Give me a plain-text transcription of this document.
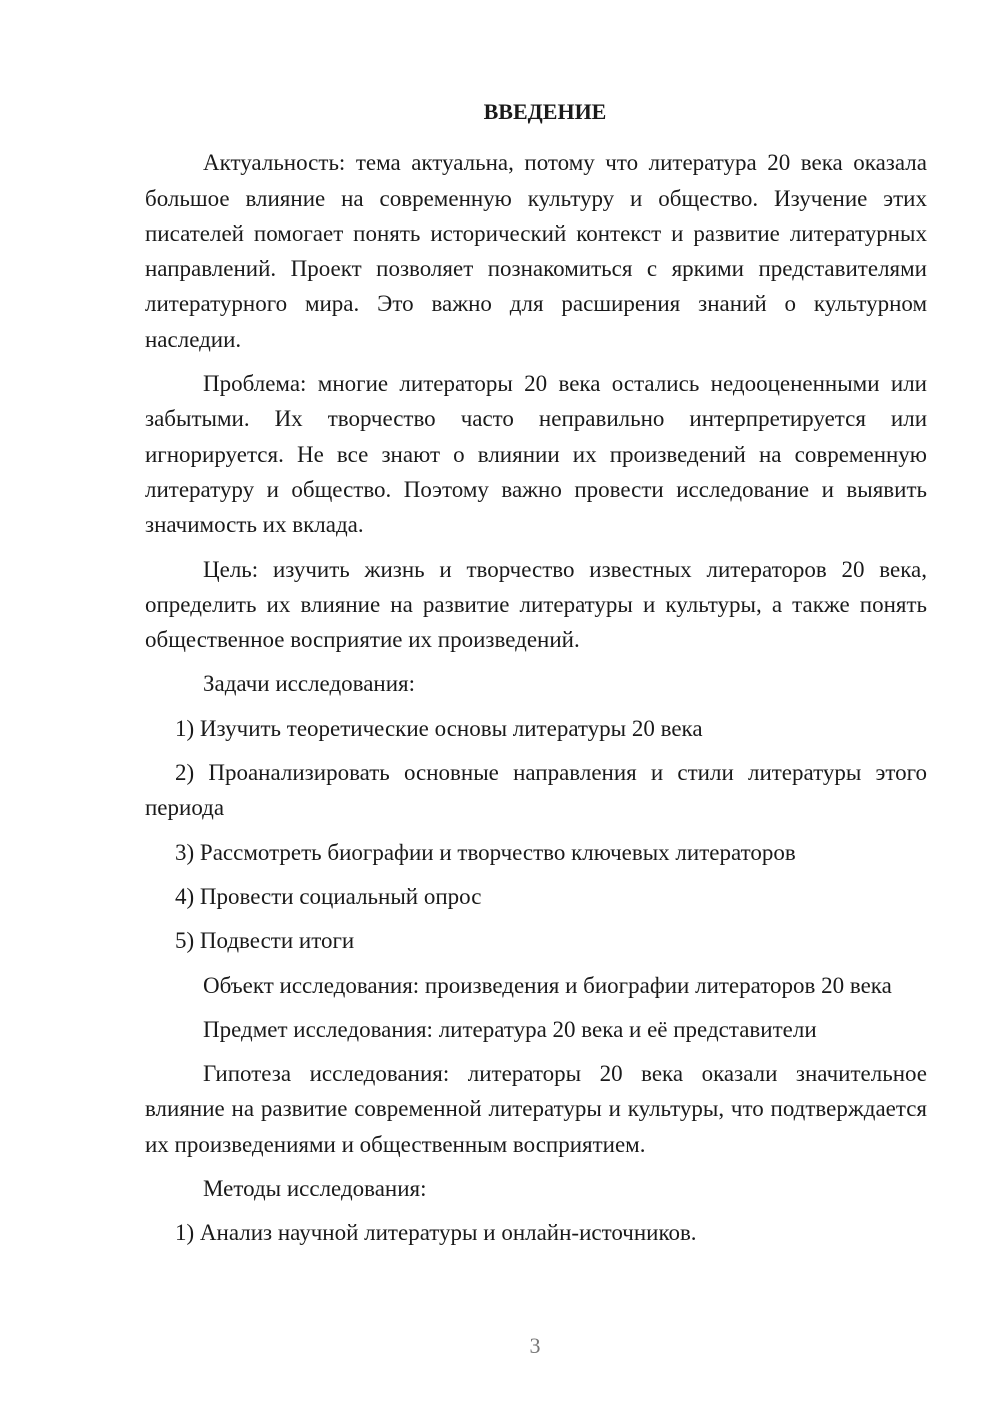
ВВЕДЕНИЕ

Актуальность: тема актуальна, потому что литература 20 века оказала большое влияние на современную культуру и общество. Изучение этих писателей помогает понять исторический контекст и развитие литературных направлений. Проект позволяет познакомиться с яркими представителями литературного мира. Это важно для расширения знаний о культурном наследии.

Проблема: многие литераторы 20 века остались недооцененными или забытыми. Их творчество часто неправильно интерпретируется или игнорируется. Не все знают о влиянии их произведений на современную литературу и общество. Поэтому важно провести исследование и выявить значимость их вклада.

Цель: изучить жизнь и творчество известных литераторов 20 века, определить их влияние на развитие литературы и культуры, а также понять общественное восприятие их произведений.

Задачи исследования:

1) Изучить теоретические основы литературы 20 века

2) Проанализировать основные направления и стили литературы этого периода

3) Рассмотреть биографии и творчество ключевых литераторов

4) Провести социальный опрос

5) Подвести итоги

Объект исследования: произведения и биографии литераторов 20 века

Предмет исследования: литература 20 века и её представители

Гипотеза исследования: литераторы 20 века оказали значительное влияние на развитие современной литературы и культуры, что подтверждается их произведениями и общественным восприятием.

Методы исследования:

1) Анализ научной литературы и онлайн-источников.

3
